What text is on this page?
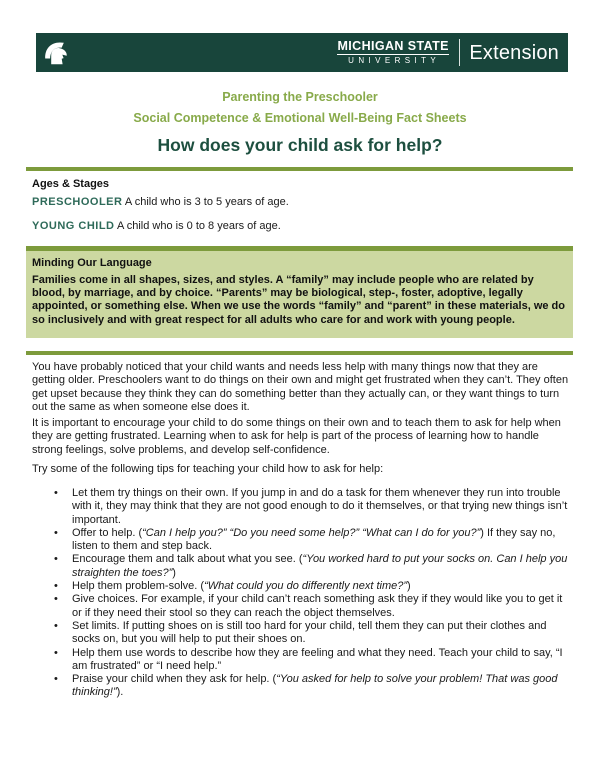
MICHIGAN STATE
UNIVERSITY	Extension
Parenting the Preschooler
Social Competence & Emotional Well-Being Fact Sheets
How does your child ask for help?
Ages & Stages
PRESCHOOLER A child who is 3 to 5 years of age.
YOUNG CHILD A child who is 0 to 8 years of age.
Minding Our Language
Families come in all shapes, sizes, and styles. A “family” may include people who are related by blood, by marriage, and by choice. “Parents” may be biological, step-, foster, adoptive, legally appointed, or something else. When we use the words “family” and “parent” in these materials, we do so inclusively and with great respect for all adults who care for and work with young people.
You have probably noticed that your child wants and needs less help with many things now that they are getting older. Preschoolers want to do things on their own and might get frustrated when they can’t. They often get upset because they think they can do something better than they actually can, or they want things to turn out the same as when someone else does it.
It is important to encourage your child to do some things on their own and to teach them to ask for help when they are getting frustrated. Learning when to ask for help is part of the process of learning how to handle strong feelings, solve problems, and develop self-confidence.
Try some of the following tips for teaching your child how to ask for help:
• Let them try things on their own. If you jump in and do a task for them whenever they run into trouble with it, they may think that they are not good enough to do it themselves, or that trying new things isn’t important.
• Offer to help. (“Can I help you?” “Do you need some help?” “What can I do for you?”) If they say no, listen to them and step back.
• Encourage them and talk about what you see. (“You worked hard to put your socks on. Can I help you straighten the toes?”)
• Help them problem-solve. (“What could you do differently next time?”)
• Give choices. For example, if your child can’t reach something ask they if they would like you to get it or if they need their stool so they can reach the object themselves.
• Set limits. If putting shoes on is still too hard for your child, tell them they can put their clothes and socks on, but you will help to put their shoes on.
• Help them use words to describe how they are feeling and what they need. Teach your child to say, “I am frustrated” or “I need help.”
• Praise your child when they ask for help. (“You asked for help to solve your problem! That was good thinking!”).
